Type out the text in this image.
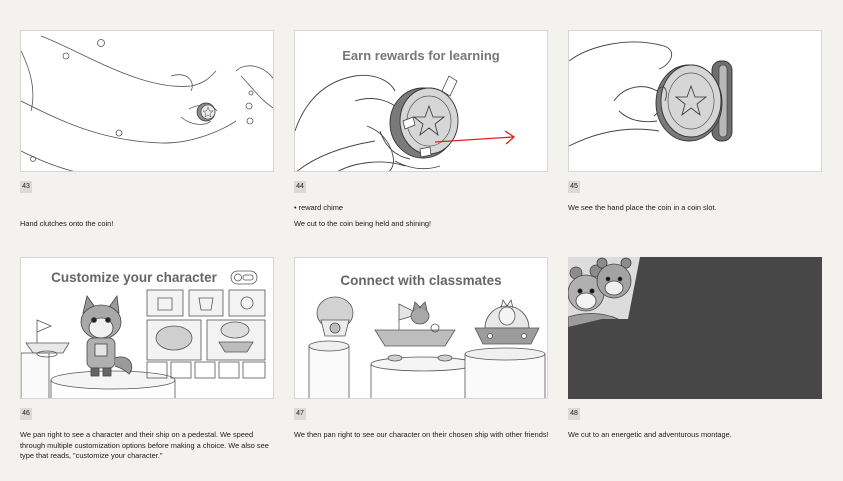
43
Hand clutches onto the coin!
Earn rewards for learning
44
• reward chime
We cut to the coin being held and shining!
45
We see the hand place the coin in a coin slot.
Customize your character
46
We pan right to see a character and their ship on a pedestal. We speed through multiple customization options before making a choice. We also see type that reads, "customize your character."
Connect with classmates
47
We then pan right to see our character on their chosen ship with other friends!
48
We cut to an energetic and adventurous montage.
